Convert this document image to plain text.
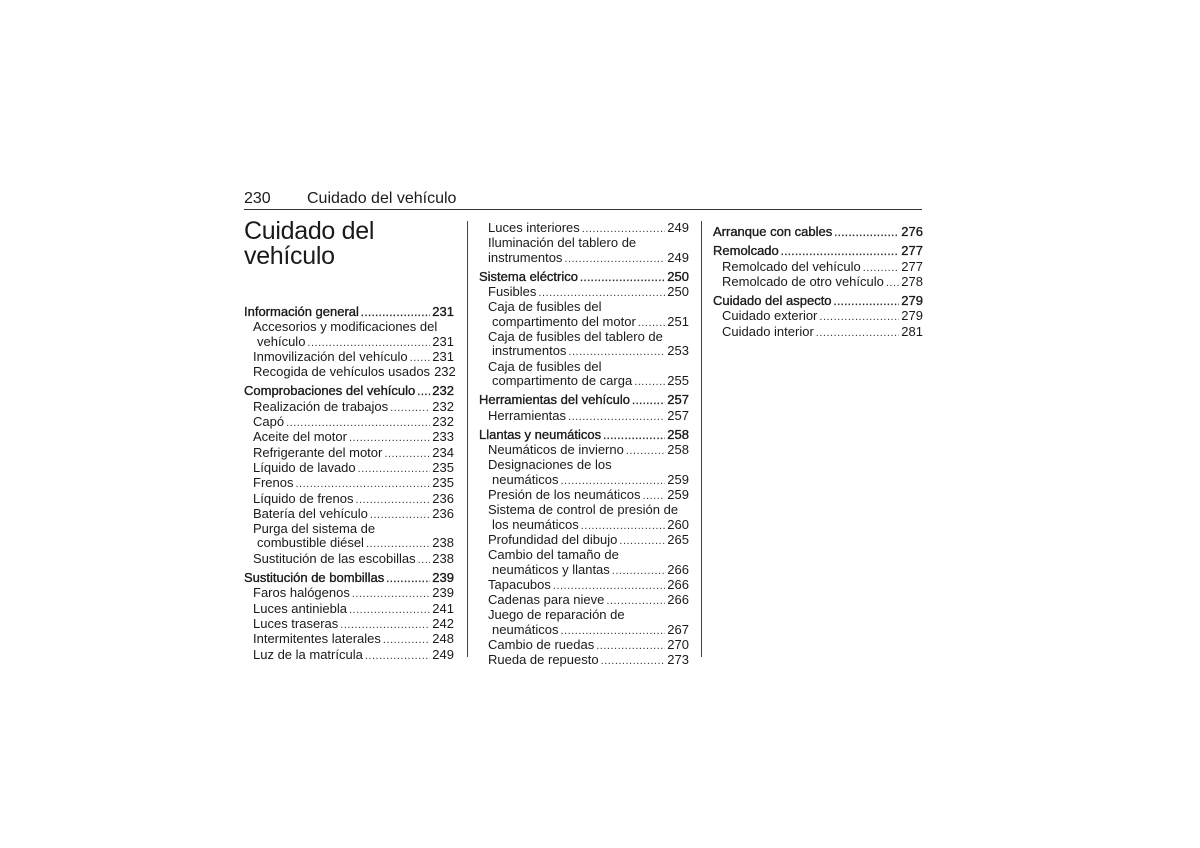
230 Cuidado del vehículo
Cuidado del
vehículo
Información general .....	231
Accesorios y modificaciones del
vehículo .....	231
Inmovilización del vehículo ..... 231
Recogida de vehículos usados 232
Comprobaciones del vehículo ..... 232
Realización de trabajos .....	232
Capó .....	232
Aceite del motor .....	233
Refrigerante del motor .....	234
Líquido de lavado .....	235
Frenos .....	235
Líquido de frenos .....	236
Batería del vehículo .....	236
Purga del sistema de
combustible diésel .....	238
Sustitución de las escobillas ..... 238
Sustitución de bombillas .....	239
Faros halógenos .....	239
Luces antiniebla .....	241
Luces traseras .....	242
Intermitentes laterales .....	248
Luz de la matrícula .....	249
Luces interiores .....	249
Iluminación del tablero de
instrumentos .....	249
Sistema eléctrico .....	250
Fusibles .....	250
Caja de fusibles del
compartimento del motor ..... 251
Caja de fusibles del tablero de
instrumentos .....	253
Caja de fusibles del
compartimento de carga .....	255
Herramientas del vehículo .....	257
Herramientas .....	257
Llantas y neumáticos .....	258
Neumáticos de invierno .....	258
Designaciones de los
neumáticos .....	259
Presión de los neumáticos ..... 259
Sistema de control de presión de
los neumáticos .....	260
Profundidad del dibujo .....	265
Cambio del tamaño de
neumáticos y llantas .....	266
Tapacubos .....	266
Cadenas para nieve .....	266
Juego de reparación de
neumáticos .....	267
Cambio de ruedas .....	270
Rueda de repuesto .....	273
Arranque con cables .....	276
Remolcado .....	277
Remolcado del vehículo .....	277
Remolcado de otro vehículo ..... 278
Cuidado del aspecto .....	279
Cuidado exterior .....	279
Cuidado interior .....	281
